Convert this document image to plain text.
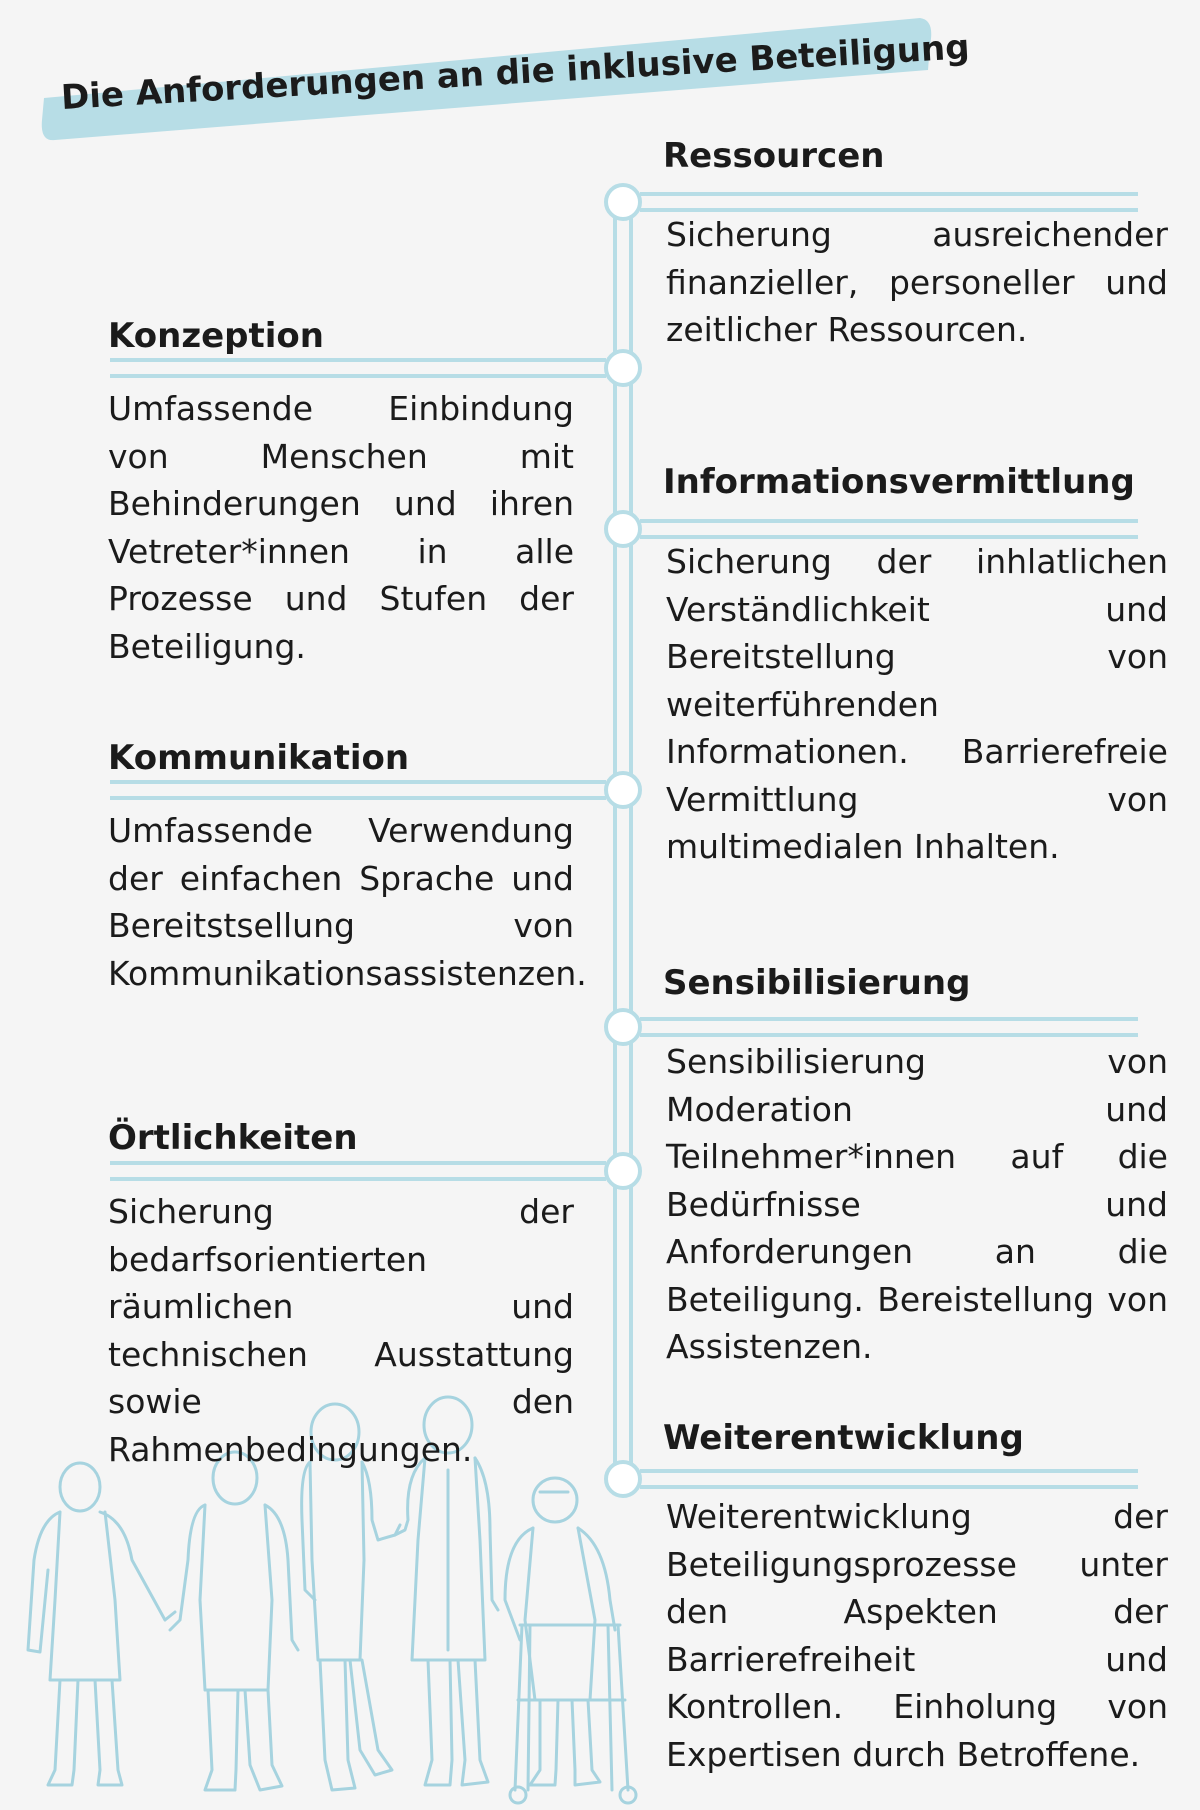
Die Anforderungen an die inklusive Beteiligung
Ressourcen
Sicherung ausreichender finanzieller, personeller und zeitlicher Ressourcen.
Konzeption
Umfassende Einbindung von Menschen mit Behinderungen und ihren Vetreter*innen in alle Prozesse und Stufen der Beteiligung.
Informationsvermittlung
Sicherung der inhlatlichen Verständlichkeit und Bereitstellung von weiterführenden Informationen. Barrierefreie Vermittlung von multimedialen Inhalten.
Kommunikation
Umfassende Verwendung der einfachen Sprache und Bereitstsellung von Kommunikationsassistenzen. Sensibilisierung
Sensibilisierung von Moderation und Teilnehmer*innen auf die Bedürfnisse und Anforderungen an die Beteiligung. Bereistellung von Assistenzen.
Örtlichkeiten
Sicherung der bedarfsorientierten räumlichen und technischen Ausstattung sowie den Rahmenbedingungen.	Weiterentwicklung
Weiterentwicklung der Beteiligungsprozesse unter den Aspekten der Barrierefreiheit und Kontrollen. Einholung von Expertisen durch Betroffene.
